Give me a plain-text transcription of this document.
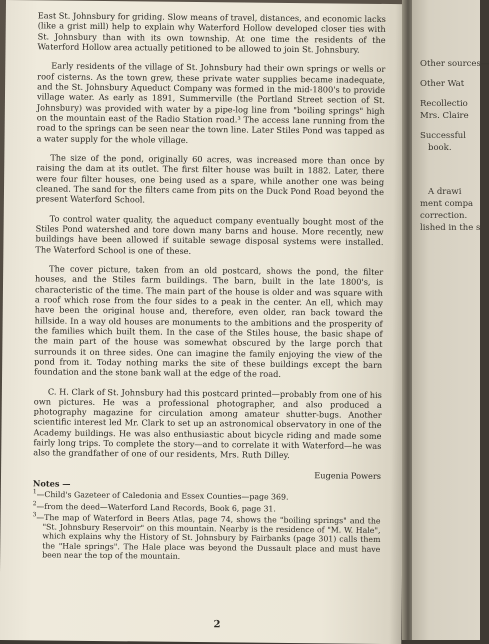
East St. Johnsbury for griding. Slow means of travel, distances, and economic lacks (like a grist mill) help to explain why Waterford Hollow developed closer ties with St. Johnsbury than with its own township. At one time the residents of the Waterford Hollow area actually petitioned to be allowed to join St. Johnsbury.

Early residents of the village of St. Johnsbury had their own springs or wells or roof cisterns. As the town grew, these private water supplies became inadequate, and the St. Johnsbury Aqueduct Company was formed in the mid-1800's to provide village water. As early as 1891, Summerville (the Portland Street section of St. Johnsbury) was provided with water by a pipe-log line from "boiling springs" high on the mountain east of the Radio Station road.³ The access lane running from the road to the springs can be seen near the town line. Later Stiles Pond was tapped as a water supply for the whole village.

The size of the pond, originally 60 acres, was increased more than once by raising the dam at its outlet. The first filter house was built in 1882. Later, there were four filter houses, one being used as a spare, while another one was being cleaned. The sand for the filters came from pits on the Duck Pond Road beyond the present Waterford School.

To control water quality, the aqueduct company eventually bought most of the Stiles Pond watershed and tore down many barns and house. More recently, new buildings have been allowed if suitable sewage disposal systems were installed. The Waterford School is one of these.

The cover picture, taken from an old postcard, shows the pond, the filter houses, and the Stiles farm buildings. The barn, built in the late 1800's, is characteristic of the time. The main part of the house is older and was square with a roof which rose from the four sides to a peak in the center. An ell, which may have been the original house and, therefore, even older, ran back toward the hillside. In a way old houses are monuments to the ambitions and the prosperity of the families which built them. In the case of the Stiles house, the basic shape of the main part of the house was somewhat obscured by the large porch that surrounds it on three sides. One can imagine the family enjoying the view of the pond from it. Today nothing marks the site of these buildings except the barn foundation and the stone bank wall at the edge of the road.

C. H. Clark of St. Johnsbury had this postcard printed—probably from one of his own pictures. He was a professional photographer, and also produced a photography magazine for circulation among amateur shutter-bugs. Another scientific interest led Mr. Clark to set up an astronomical observatory in one of the Academy buildings. He was also enthusiastic about bicycle riding and made some fairly long trips. To complete the story—and to correlate it with Waterford—he was also the grandfather of one of our residents, Mrs. Ruth Dilley.

Eugenia Powers
Notes —
$^1$—Child's Gazeteer of Caledonia and Essex Counties—page 369.
$^2$—from the deed—Waterford Land Records, Book 6, page 31.
$^3$—The map of Waterford in Beers Atlas, page 74, shows the "boiling springs" and the "St. Johnsbury Reservoir" on this mountain. Nearby is the residence of "M. W. Hale", which explains why the History of St. Johnsbury by Fairbanks (page 301) calls them the "Hale springs". The Hale place was beyond the Dussault place and must have been near the top of the mountain.
2
Other sources—
Other Wat
Recollectio
Mrs. Claire
Successful
book.
A drawi
ment compa
correction.
lished in the s
